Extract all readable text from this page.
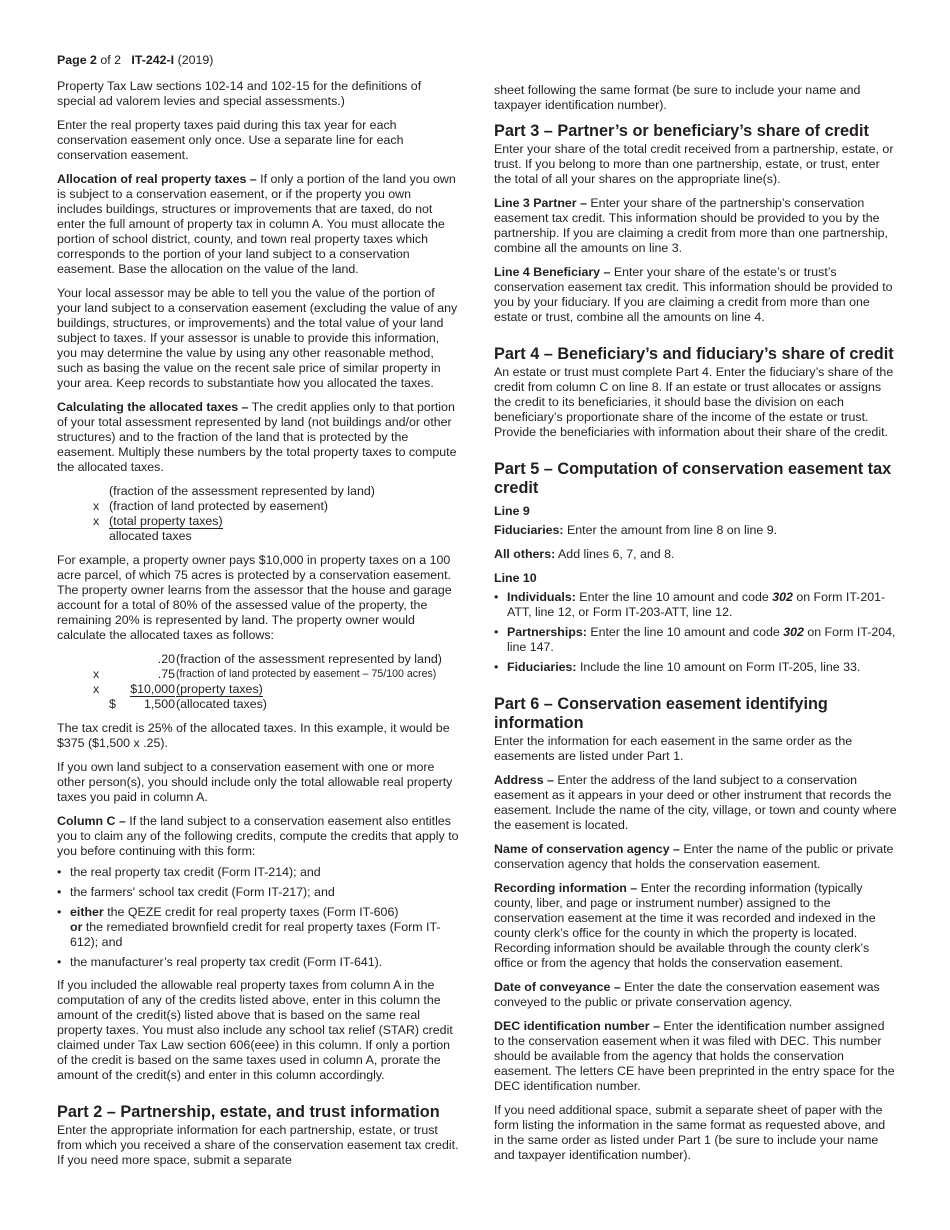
Page 2 of 2 IT-242-I (2019)

Property Tax Law sections 102-14 and 102-15 for the definitions of special ad valorem levies and special assessments.)

Enter the real property taxes paid during this tax year for each conservation easement only once. Use a separate line for each conservation easement.

Allocation of real property taxes – If only a portion of the land you own is subject to a conservation easement, or if the property you own includes buildings, structures or improvements that are taxed, do not enter the full amount of property tax in column A. You must allocate the portion of school district, county, and town real property taxes which corresponds to the portion of your land subject to a conservation easement. Base the allocation on the value of the land.

Your local assessor may be able to tell you the value of the portion of your land subject to a conservation easement (excluding the value of any buildings, structures, or improvements) and the total value of your land subject to taxes. If your assessor is unable to provide this information, you may determine the value by using any other reasonable method, such as basing the value on the recent sale price of similar property in your area. Keep records to substantiate how you allocated the taxes.

Calculating the allocated taxes – The credit applies only to that portion of your total assessment represented by land (not buildings and/or other structures) and to the fraction of the land that is protected by the easement. Multiply these numbers by the total property taxes to compute the allocated taxes.

(fraction of the assessment represented by land)
x (fraction of land protected by easement)
x (total property taxes)
allocated taxes

For example, a property owner pays $10,000 in property taxes on a 100 acre parcel, of which 75 acres is protected by a conservation easement. The property owner learns from the assessor that the house and garage account for a total of 80% of the assessed value of the property, the remaining 20% is represented by land. The property owner would calculate the allocated taxes as follows:

.20 (fraction of the assessment represented by land)
x	.75 (fraction of land protected by easement – 75/100 acres)
x	$10,000 (property taxes)
$	1,500 (allocated taxes)

The tax credit is 25% of the allocated taxes. In this example, it would be $375 ($1,500 x .25).

If you own land subject to a conservation easement with one or more other person(s), you should include only the total allowable real property taxes you paid in column A.

Column C – If the land subject to a conservation easement also entitles you to claim any of the following credits, compute the credits that apply to you before continuing with this form:

• the real property tax credit (Form IT-214); and
• the farmers' school tax credit (Form IT-217); and
• either the QEZE credit for real property taxes (Form IT-606)
or the remediated brownfield credit for real property taxes (Form IT-612); and
• the manufacturer’s real property tax credit (Form IT-641).

If you included the allowable real property taxes from column A in the computation of any of the credits listed above, enter in this column the amount of the credit(s) listed above that is based on the same real property taxes. You must also include any school tax relief (STAR) credit claimed under Tax Law section 606(eee) in this column. If only a portion of the credit is based on the same taxes used in column A, prorate the amount of the credit(s) and enter in this column accordingly.

Part 2 – Partnership, estate, and trust information

Enter the appropriate information for each partnership, estate, or trust from which you received a share of the conservation easement tax credit. If you need more space, submit a separate

sheet following the same format (be sure to include your name and taxpayer identification number).

Part 3 – Partner’s or beneficiary’s share of credit

Enter your share of the total credit received from a partnership, estate, or trust. If you belong to more than one partnership, estate, or trust, enter the total of all your shares on the appropriate line(s).

Line 3 Partner – Enter your share of the partnership’s conservation easement tax credit. This information should be provided to you by the partnership. If you are claiming a credit from more than one partnership, combine all the amounts on line 3.

Line 4 Beneficiary – Enter your share of the estate’s or trust’s conservation easement tax credit. This information should be provided to you by your fiduciary. If you are claiming a credit from more than one estate or trust, combine all the amounts on line 4.

Part 4 – Beneficiary’s and fiduciary’s share of credit

An estate or trust must complete Part 4. Enter the fiduciary’s share of the credit from column C on line 8. If an estate or trust allocates or assigns the credit to its beneficiaries, it should base the division on each beneficiary’s proportionate share of the income of the estate or trust. Provide the beneficiaries with information about their share of the credit.

Part 5 – Computation of conservation easement tax credit
Line 9

Fiduciaries: Enter the amount from line 8 on line 9.

All others: Add lines 6, 7, and 8.

Line 10
• Individuals: Enter the line 10 amount and code 302 on Form IT-201-ATT, line 12, or Form IT-203-ATT, line 12.
• Partnerships: Enter the line 10 amount and code 302 on Form IT-204, line 147.
• Fiduciaries: Include the line 10 amount on Form IT-205, line 33.
Part 6 – Conservation easement identifying information

Enter the information for each easement in the same order as the easements are listed under Part 1.

Address – Enter the address of the land subject to a conservation easement as it appears in your deed or other instrument that records the easement. Include the name of the city, village, or town and county where the easement is located.

Name of conservation agency – Enter the name of the public or private conservation agency that holds the conservation easement.

Recording information – Enter the recording information (typically county, liber, and page or instrument number) assigned to the conservation easement at the time it was recorded and indexed in the county clerk’s office for the county in which the property is located. Recording information should be available through the county clerk’s office or from the agency that holds the conservation easement.

Date of conveyance – Enter the date the conservation easement was conveyed to the public or private conservation agency.

DEC identification number – Enter the identification number assigned to the conservation easement when it was filed with DEC. This number should be available from the agency that holds the conservation easement. The letters CE have been preprinted in the entry space for the DEC identification number.

If you need additional space, submit a separate sheet of paper with the form listing the information in the same format as requested above, and in the same order as listed under Part 1 (be sure to include your name and taxpayer identification number).
